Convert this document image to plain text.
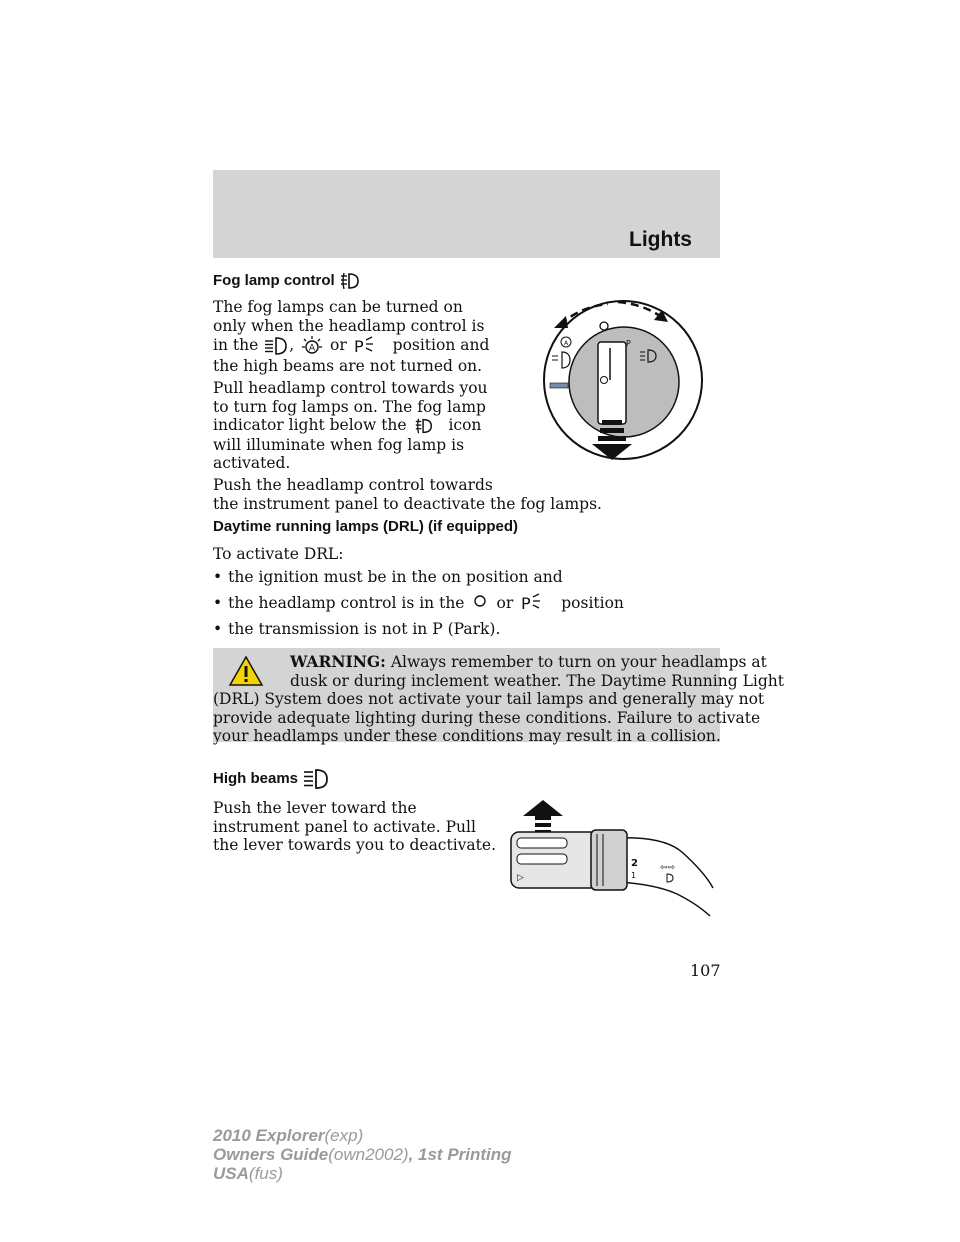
Lights
Fog lamp control
The fog lamps can be turned on
only when the headlamp control is
in the , A or P position and
the high beams are not turned on.
Pull headlamp control towards you
to turn fog lamps on. The fog lamp
indicator light below the	icon
will illuminate when fog lamp is
activated.
Push the headlamp control towards
the instrument panel to deactivate the fog lamps.
P
A
Daytime running lamps (DRL) (if equipped)
To activate DRL:
• the ignition must be in the on position and
• the headlamp control is in the or P position
• the transmission is not in P (Park).
WARNING: Always remember to turn on your headlamps at
dusk or during inclement weather. The Daytime Running Light
(DRL) System does not activate your tail lamps and generally may not
provide adequate lighting during these conditions. Failure to activate
your headlamps under these conditions may result in a collision.
High beams
Push the lever toward the
instrument panel to activate. Pull
the lever towards you to deactivate.
2
1
▷
⇦⇨
107
2010 Explorer(exp)
Owners Guide(own2002), 1st Printing
USA(fus)
